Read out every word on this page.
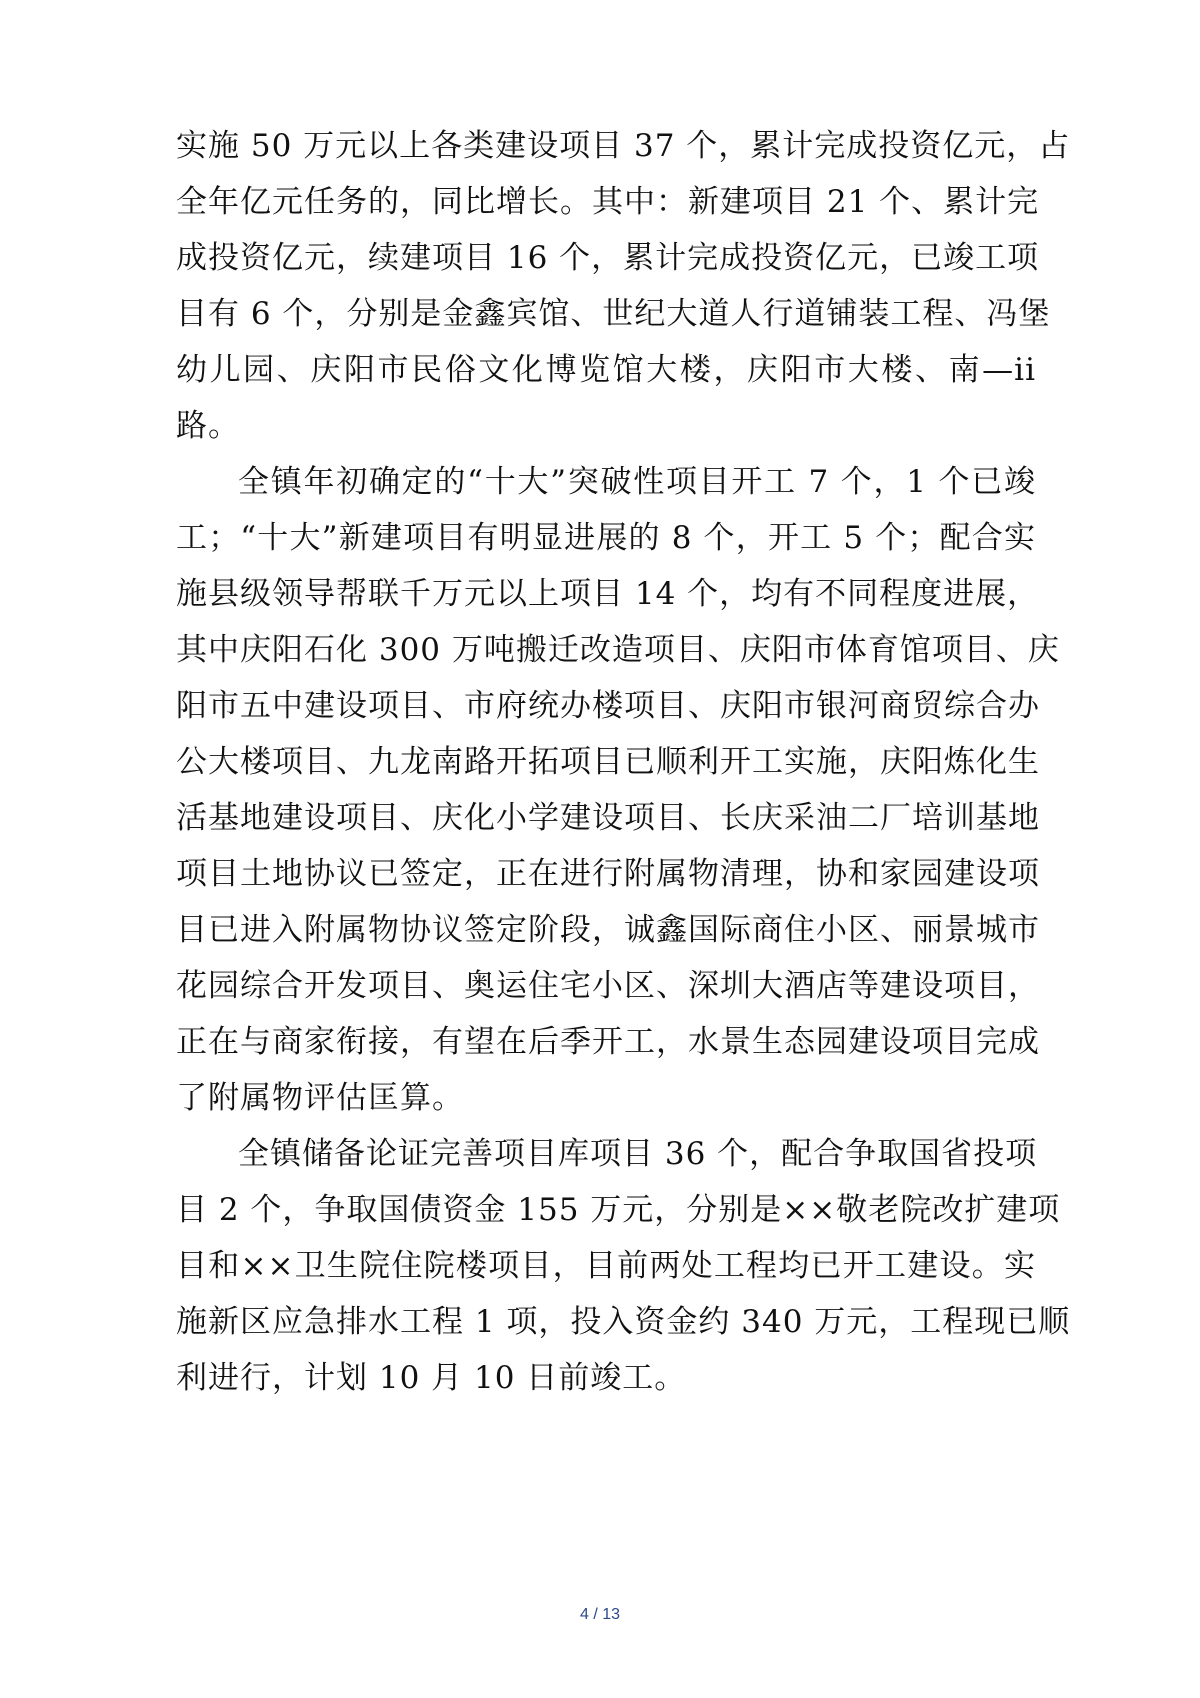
实施 50 万元以上各类建设项目 37 个，累计完成投资亿元，占
全年亿元任务的，同比增长。其中：新建项目 21 个、累计完
成投资亿元，续建项目 16 个，累计完成投资亿元，已竣工项
目有 6 个，分别是金鑫宾馆、世纪大道人行道铺装工程、冯堡
幼儿园、庆阳市民俗文化博览馆大楼，庆阳市大楼、南—ii
路。
全镇年初确定的“十大”突破性项目开工 7 个，1 个已竣
工；“十大”新建项目有明显进展的 8 个，开工 5 个；配合实
施县级领导帮联千万元以上项目 14 个，均有不同程度进展，
其中庆阳石化 300 万吨搬迁改造项目、庆阳市体育馆项目、庆
阳市五中建设项目、市府统办楼项目、庆阳市银河商贸综合办
公大楼项目、九龙南路开拓项目已顺利开工实施，庆阳炼化生
活基地建设项目、庆化小学建设项目、长庆采油二厂培训基地
项目土地协议已签定，正在进行附属物清理，协和家园建设项
目已进入附属物协议签定阶段，诚鑫国际商住小区、丽景城市
花园综合开发项目、奥运住宅小区、深圳大酒店等建设项目，
正在与商家衔接，有望在后季开工，水景生态园建设项目完成
了附属物评估匡算。
全镇储备论证完善项目库项目 36 个，配合争取国省投项
目 2 个，争取国债资金 155 万元，分别是××敬老院改扩建项
目和××卫生院住院楼项目，目前两处工程均已开工建设。实
施新区应急排水工程 1 项，投入资金约 340 万元，工程现已顺
利进行，计划 10 月 10 日前竣工。
4 / 13
